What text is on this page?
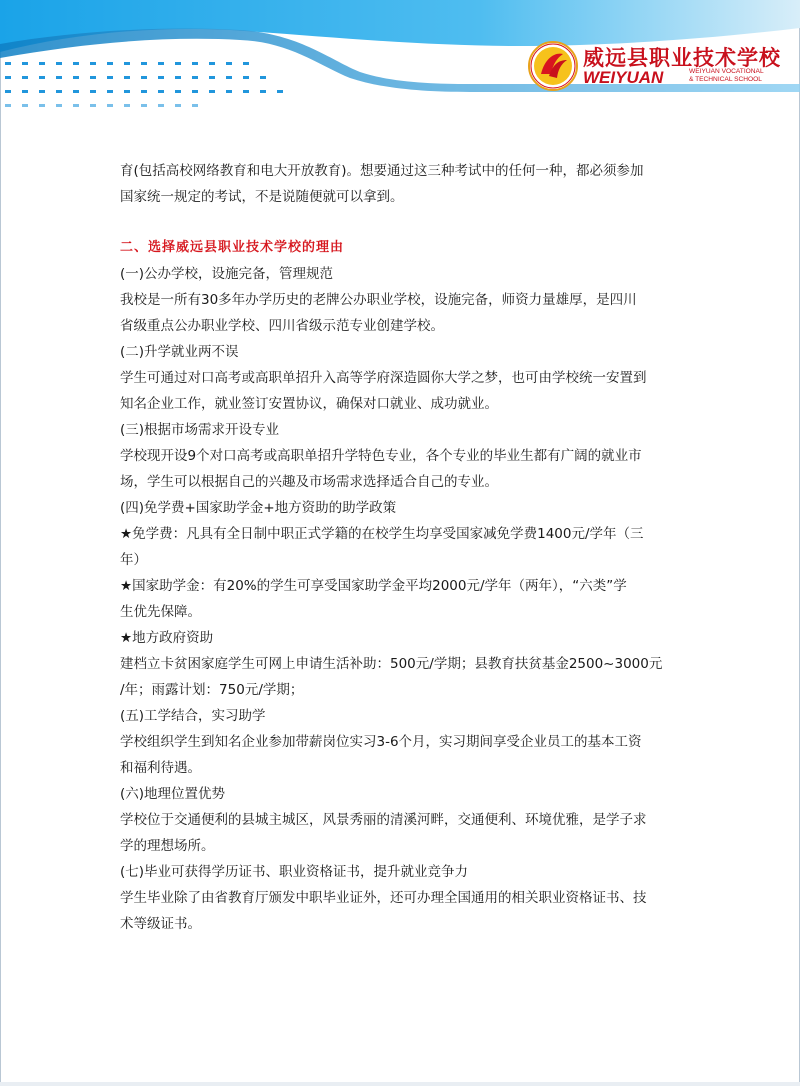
威远县职业技术学校
WEIYUAN	WEIYUAN VOCATIONAL
& TECHNICAL SCHOOL

育(包括高校网络教育和电大开放教育)。想要通过这三种考试中的任何一种，都必须参加

国家统一规定的考试，不是说随便就可以拿到。

二、选择威远县职业技术学校的理由

(一)公办学校，设施完备，管理规范

我校是一所有30多年办学历史的老牌公办职业学校，设施完备，师资力量雄厚，是四川

省级重点公办职业学校、四川省级示范专业创建学校。

(二)升学就业两不误

学生可通过对口高考或高职单招升入高等学府深造圆你大学之梦，也可由学校统一安置到

知名企业工作，就业签订安置协议，确保对口就业、成功就业。

(三)根据市场需求开设专业

学校现开设9个对口高考或高职单招升学特色专业，各个专业的毕业生都有广阔的就业市

场，学生可以根据自己的兴趣及市场需求选择适合自己的专业。

(四)免学费+国家助学金+地方资助的助学政策

★免学费：凡具有全日制中职正式学籍的在校学生均享受国家减免学费1400元/学年（三

年）

★国家助学金：有20%的学生可享受国家助学金平均2000元/学年（两年），“六类”学

生优先保障。

★地方政府资助

建档立卡贫困家庭学生可网上申请生活补助：500元/学期；县教育扶贫基金2500~3000元

/年；雨露计划：750元/学期；

(五)工学结合，实习助学

学校组织学生到知名企业参加带薪岗位实习3-6个月，实习期间享受企业员工的基本工资

和福利待遇。

(六)地理位置优势

学校位于交通便利的县城主城区，风景秀丽的清溪河畔，交通便利、环境优雅，是学子求

学的理想场所。

(七)毕业可获得学历证书、职业资格证书，提升就业竞争力

学生毕业除了由省教育厅颁发中职毕业证外，还可办理全国通用的相关职业资格证书、技

术等级证书。
